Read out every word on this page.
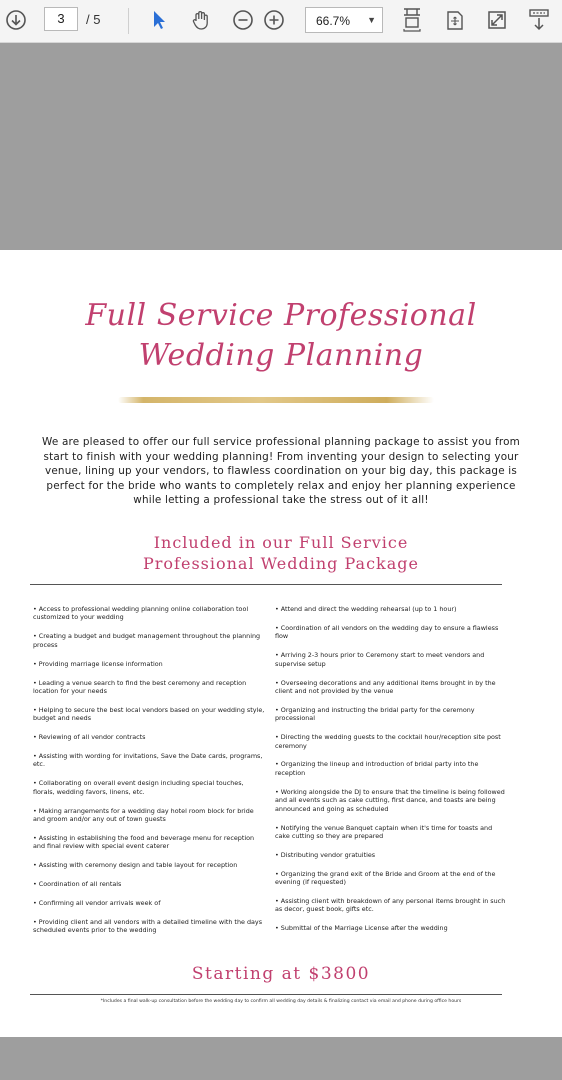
3	/ 5	66.7% ▼
Full Service Professional
Wedding Planning
We are pleased to offer our full service professional planning package to assist you from start to finish with your wedding planning! From inventing your design to selecting your venue, lining up your vendors, to flawless coordination on your big day, this package is perfect for the bride who wants to completely relax and enjoy her planning experience while letting a professional take the stress out of it all!
Included in our Full Service
Professional Wedding Package
• Access to professional wedding planning online collaboration tool customized to your wedding
• Creating a budget and budget management throughout the planning process
• Providing marriage license information
• Leading a venue search to find the best ceremony and reception location for your needs
• Helping to secure the best local vendors based on your wedding style, budget and needs
• Reviewing of all vendor contracts
• Assisting with wording for invitations, Save the Date cards, programs, etc.
• Collaborating on overall event design including special touches, florals, wedding favors, linens, etc.
• Making arrangements for a wedding day hotel room block for bride and groom and/or any out of town guests
• Assisting in establishing the food and beverage menu for reception and final review with special event caterer
• Assisting with ceremony design and table layout for reception
• Coordination of all rentals
• Confirming all vendor arrivals week of
• Providing client and all vendors with a detailed timeline with the days scheduled events prior to the wedding
• Attend and direct the wedding rehearsal (up to 1 hour)
• Coordination of all vendors on the wedding day to ensure a flawless flow
• Arriving 2-3 hours prior to Ceremony start to meet vendors and supervise setup
• Overseeing decorations and any additional items brought in by the client and not provided by the venue
• Organizing and instructing the bridal party for the ceremony processional
• Directing the wedding guests to the cocktail hour/reception site post ceremony
• Organizing the lineup and introduction of bridal party into the reception
• Working alongside the DJ to ensure that the timeline is being followed and all events such as cake cutting, first dance, and toasts are being announced and going as scheduled
• Notifying the venue Banquet captain when it's time for toasts and cake cutting so they are prepared
• Distributing vendor gratuities
• Organizing the grand exit of the Bride and Groom at the end of the evening (if requested)
• Assisting client with breakdown of any personal items brought in such as decor, guest book, gifts etc.
• Submittal of the Marriage License after the wedding
Starting at $3800
*Includes a final walk-up consultation before the wedding day to confirm all wedding day details & finalizing contact via email and phone during office hours
